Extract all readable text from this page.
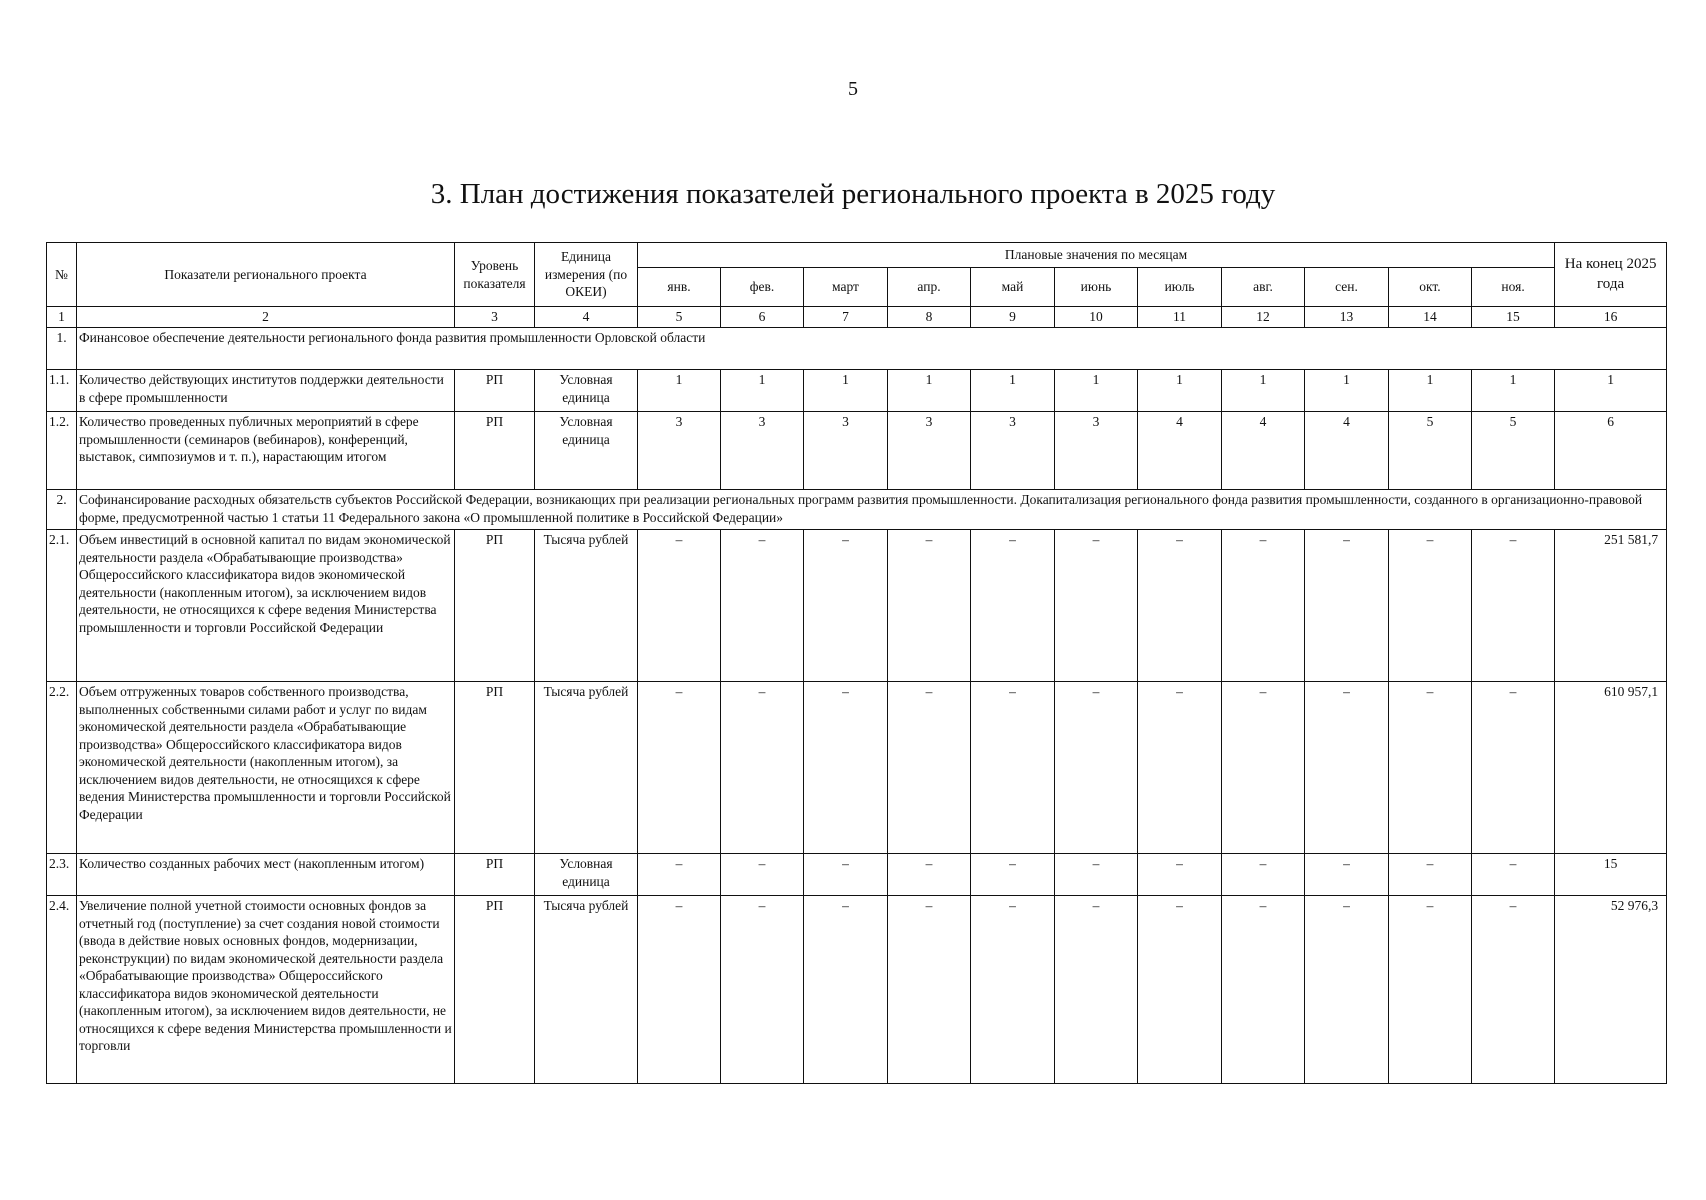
5
3. План достижения показателей регионального проекта в 2025 году
№	Показатели регионального проекта	Уровень показателя	Единица измерения (по ОКЕИ)	Плановые значения по месяцам											На конец 2025 года
				янв.	фев.	март	апр.	май	июнь	июль	авг.	сен.	окт.	ноя.	
1	2	3	4	5	6	7	8	9	10	11	12	13	14	15	16
1.	Финансовое обеспечение деятельности регионального фонда развития промышленности Орловской области														
1.1.	Количество действующих институтов поддержки деятельности в сфере промышленности	РП	Условная единица	1	1	1	1	1	1	1	1	1	1	1	1
1.2.	Количество проведенных публичных мероприятий в сфере промышленности (семинаров (вебинаров), конференций, выставок, симпозиумов и т. п.), нарастающим итогом	РП	Условная единица	3	3	3	3	3	3	4	4	4	5	5	6
2.	Софинансирование расходных обязательств субъектов Российской Федерации, возникающих при реализации региональных программ развития промышленности. Докапитализация регионального фонда развития промышленности, созданного в организационно-правовой форме, предусмотренной частью 1 статьи 11 Федерального закона «О промышленной политике в Российской Федерации»														
2.1.	Объем инвестиций в основной капитал по видам экономической деятельности раздела «Обрабатывающие производства» Общероссийского классификатора видов экономической деятельности (накопленным итогом), за исключением видов деятельности, не относящихся к сфере ведения Министерства промышленности и торговли Российской Федерации	РП	Тысяча рублей	–	–	–	–	–	–	–	–	–	–	–	251 581,7
2.2.	Объем отгруженных товаров собственного производства, выполненных собственными силами работ и услуг по видам экономической деятельности раздела «Обрабатывающие производства» Общероссийского классификатора видов экономической деятельности (накопленным итогом), за исключением видов деятельности, не относящихся к сфере ведения Министерства промышленности и торговли Российской Федерации	РП	Тысяча рублей	–	–	–	–	–	–	–	–	–	–	–	610 957,1
2.3.	Количество созданных рабочих мест (накопленным итогом)	РП	Условная единица	–	–	–	–	–	–	–	–	–	–	–	15
2.4.	Увеличение полной учетной стоимости основных фондов за отчетный год (поступление) за счет создания новой стоимости (ввода в действие новых основных фондов, модернизации, реконструкции) по видам экономической деятельности раздела «Обрабатывающие производства» Общероссийского классификатора видов экономической деятельности (накопленным итогом), за исключением видов деятельности, не относящихся к сфере ведения Министерства промышленности и торговли	РП	Тысяча рублей	–	–	–	–	–	–	–	–	–	–	–	52 976,3
